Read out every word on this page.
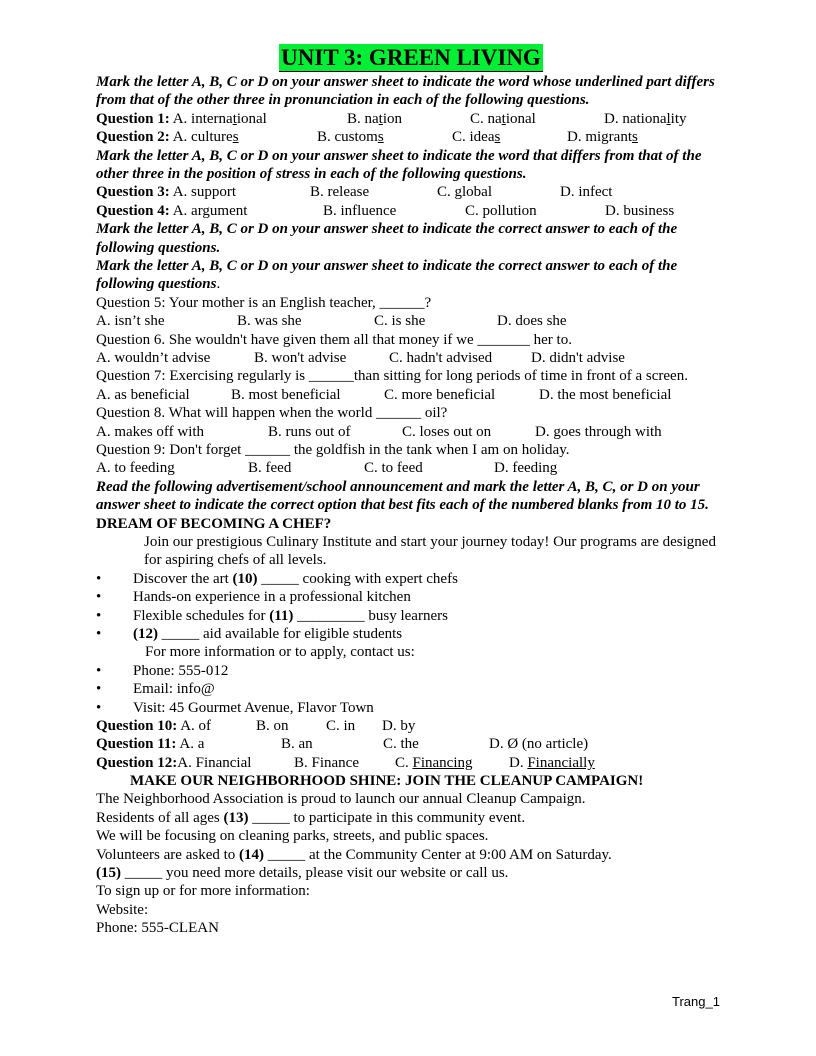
UNIT 3: GREEN LIVING
Mark the letter A, B, C or D on your answer sheet to indicate the word whose underlined part differs from that of the other three in pronunciation in each of the following questions.
Question 1: A. international	B. nation	C. national	D. nationality
Question 2: A. cultures	B. customs	C. ideas	D. migrants
Mark the letter A, B, C or D on your answer sheet to indicate the word that differs from that of the other three in the position of stress in each of the following questions.
Question 3: A. support	B. release	C. global	D. infect
Question 4: A. argument	B. influence	C. pollution	D. business
Mark the letter A, B, C or D on your answer sheet to indicate the correct answer to each of the following questions.
Mark the letter A, B, C or D on your answer sheet to indicate the correct answer to each of the following questions.
Question 5: Your mother is an English teacher, ______?
A. isn’t she	B. was she	C. is she	D. does she
Question 6. She wouldn't have given them all that money if we _______ her to.
A. wouldn’t advise	B. won't advise	C. hadn't advised	D. didn't advise
Question 7: Exercising regularly is ______than sitting for long periods of time in front of a screen.
A. as beneficial	B. most beneficial	C. more beneficial	D. the most beneficial
Question 8. What will happen when the world ______ oil?
A. makes off with	B. runs out of	C. loses out on	D. goes through with
Question 9: Don't forget ______ the goldfish in the tank when I am on holiday.
A. to feeding	B. feed	C. to feed	D. feeding
Read the following advertisement/school announcement and mark the letter A, B, C, or D on your answer sheet to indicate the correct option that best fits each of the numbered blanks from 10 to 15.
DREAM OF BECOMING A CHEF?
Join our prestigious Culinary Institute and start your journey today! Our programs are designed for aspiring chefs of all levels.
• Discover the art (10) _____ cooking with expert chefs
• Hands-on experience in a professional kitchen
• Flexible schedules for (11) _________ busy learners
• (12) _____ aid available for eligible students
For more information or to apply, contact us:
• Phone: 555-012
• Email: info@
• Visit: 45 Gourmet Avenue, Flavor Town
Question 10: A. of	B. on C. in D. by
Question 11: A. a	B. an	C. the	D. Ø (no article)
Question 12:A. Financial	B. Finance C. Financing D. Financially
MAKE OUR NEIGHBORHOOD SHINE: JOIN THE CLEANUP CAMPAIGN!
The Neighborhood Association is proud to launch our annual Cleanup Campaign.
Residents of all ages (13) _____ to participate in this community event.
We will be focusing on cleaning parks, streets, and public spaces.
Volunteers are asked to (14) _____ at the Community Center at 9:00 AM on Saturday.
(15) _____ you need more details, please visit our website or call us.
To sign up or for more information:
Website:
Phone: 555-CLEAN
Trang_1
